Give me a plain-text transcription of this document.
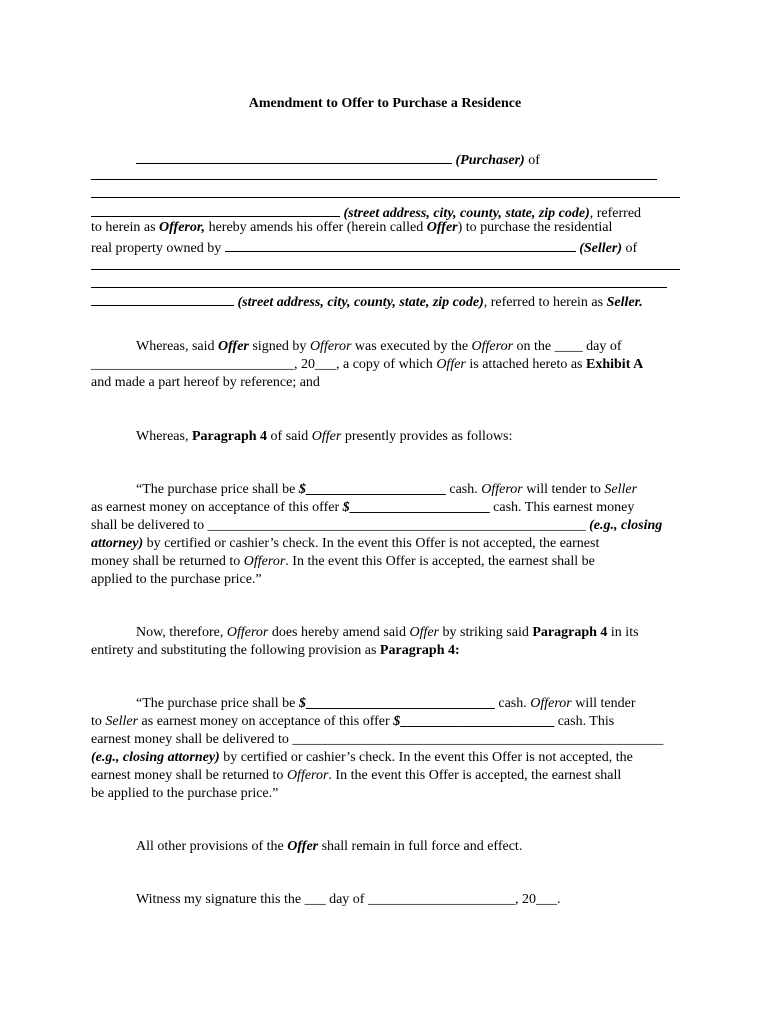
Amendment to Offer to Purchase a Residence
(Purchaser) of
(street address, city, county, state, zip code), referred
to herein as Offeror, hereby amends his offer (herein called Offer) to purchase the residential
real property owned by	(Seller) of
(street address, city, county, state, zip code), referred to herein as Seller.
Whereas, said Offer signed by Offeror was executed by the Offeror on the ____ day of
_____________________________, 20___, a copy of which Offer is attached hereto as Exhibit A
and made a part hereof by reference; and
Whereas, Paragraph 4 of said Offer presently provides as follows:
“The purchase price shall be $____________________ cash. Offeror will tender to Seller
as earnest money on acceptance of this offer $____________________ cash. This earnest money
shall be delivered to ______________________________________________________ (e.g., closing
attorney) by certified or cashier’s check. In the event this Offer is not accepted, the earnest
money shall be returned to Offeror. In the event this Offer is accepted, the earnest shall be
applied to the purchase price.”
Now, therefore, Offeror does hereby amend said Offer by striking said Paragraph 4 in its
entirety and substituting the following provision as Paragraph 4:
“The purchase price shall be $___________________________ cash. Offeror will tender
to Seller as earnest money on acceptance of this offer $______________________ cash. This
earnest money shall be delivered to _____________________________________________________
(e.g., closing attorney) by certified or cashier’s check. In the event this Offer is not accepted, the
earnest money shall be returned to Offeror. In the event this Offer is accepted, the earnest shall
be applied to the purchase price.”
All other provisions of the Offer shall remain in full force and effect.
Witness my signature this the ___ day of _____________________, 20___.
